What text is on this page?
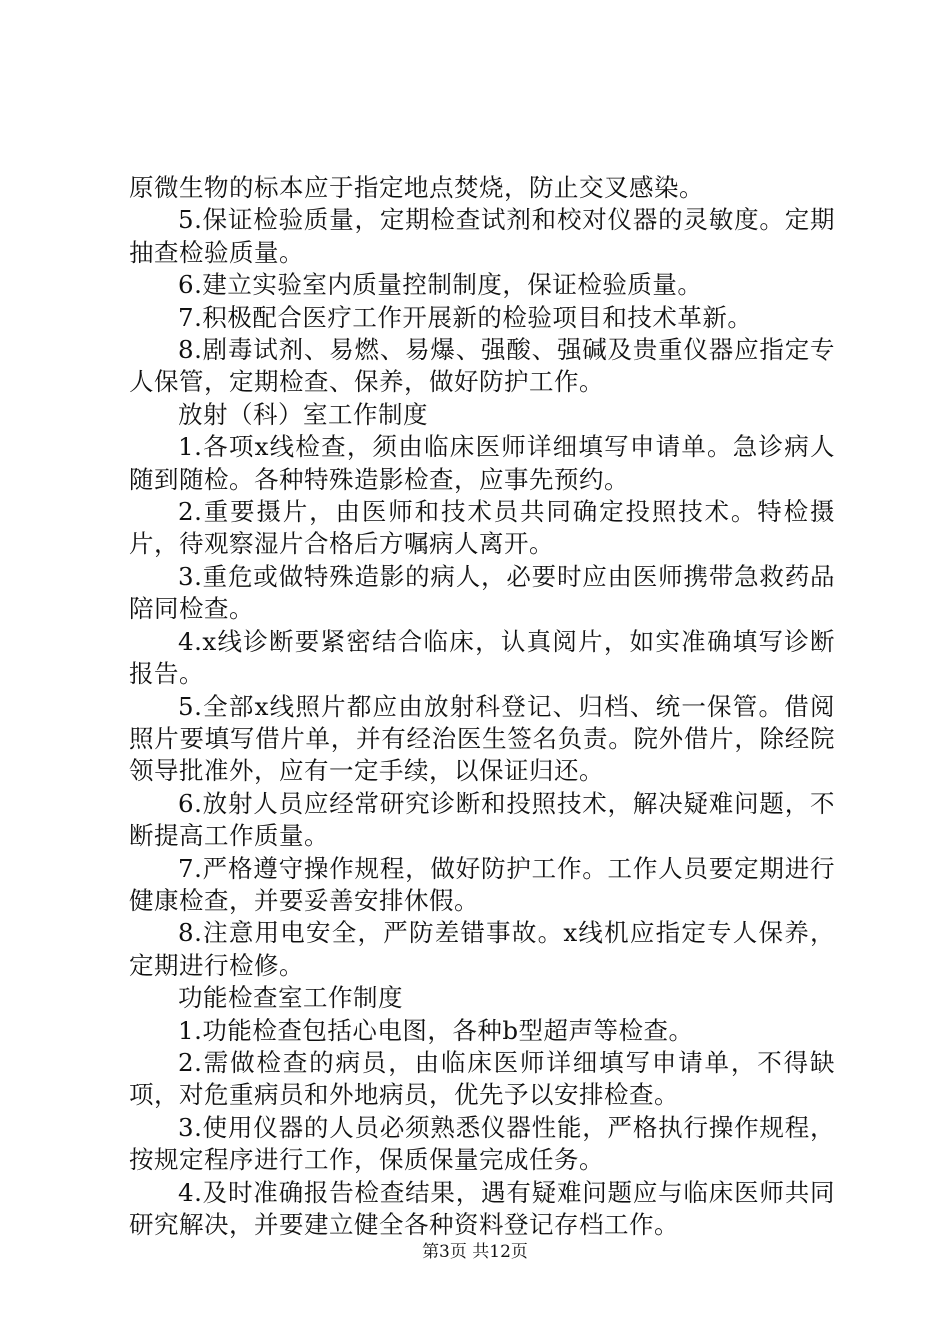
原微生物的标本应于指定地点焚烧，防止交叉感染。

5.保证检验质量，定期检查试剂和校对仪器的灵敏度。定期抽查检验质量。

6.建立实验室内质量控制制度，保证检验质量。

7.积极配合医疗工作开展新的检验项目和技术革新。

8.剧毒试剂、易燃、易爆、强酸、强碱及贵重仪器应指定专人保管，定期检查、保养，做好防护工作。

放射（科）室工作制度

1.各项x线检查，须由临床医师详细填写申请单。急诊病人随到随检。各种特殊造影检查，应事先预约。

2.重要摄片，由医师和技术员共同确定投照技术。特检摄片，待观察湿片合格后方嘱病人离开。

3.重危或做特殊造影的病人，必要时应由医师携带急救药品陪同检查。

4.x线诊断要紧密结合临床，认真阅片，如实准确填写诊断报告。

5.全部x线照片都应由放射科登记、归档、统一保管。借阅照片要填写借片单，并有经治医生签名负责。院外借片，除经院领导批准外，应有一定手续，以保证归还。

6.放射人员应经常研究诊断和投照技术，解决疑难问题，不断提高工作质量。

7.严格遵守操作规程，做好防护工作。工作人员要定期进行健康检查，并要妥善安排休假。

8.注意用电安全，严防差错事故。x线机应指定专人保养，定期进行检修。

功能检查室工作制度

1.功能检查包括心电图，各种b型超声等检查。

2.需做检查的病员，由临床医师详细填写申请单，不得缺项，对危重病员和外地病员，优先予以安排检查。

3.使用仪器的人员必须熟悉仪器性能，严格执行操作规程，按规定程序进行工作，保质保量完成任务。

4.及时准确报告检查结果，遇有疑难问题应与临床医师共同研究解决，并要建立健全各种资料登记存档工作。

第3页 共12页
